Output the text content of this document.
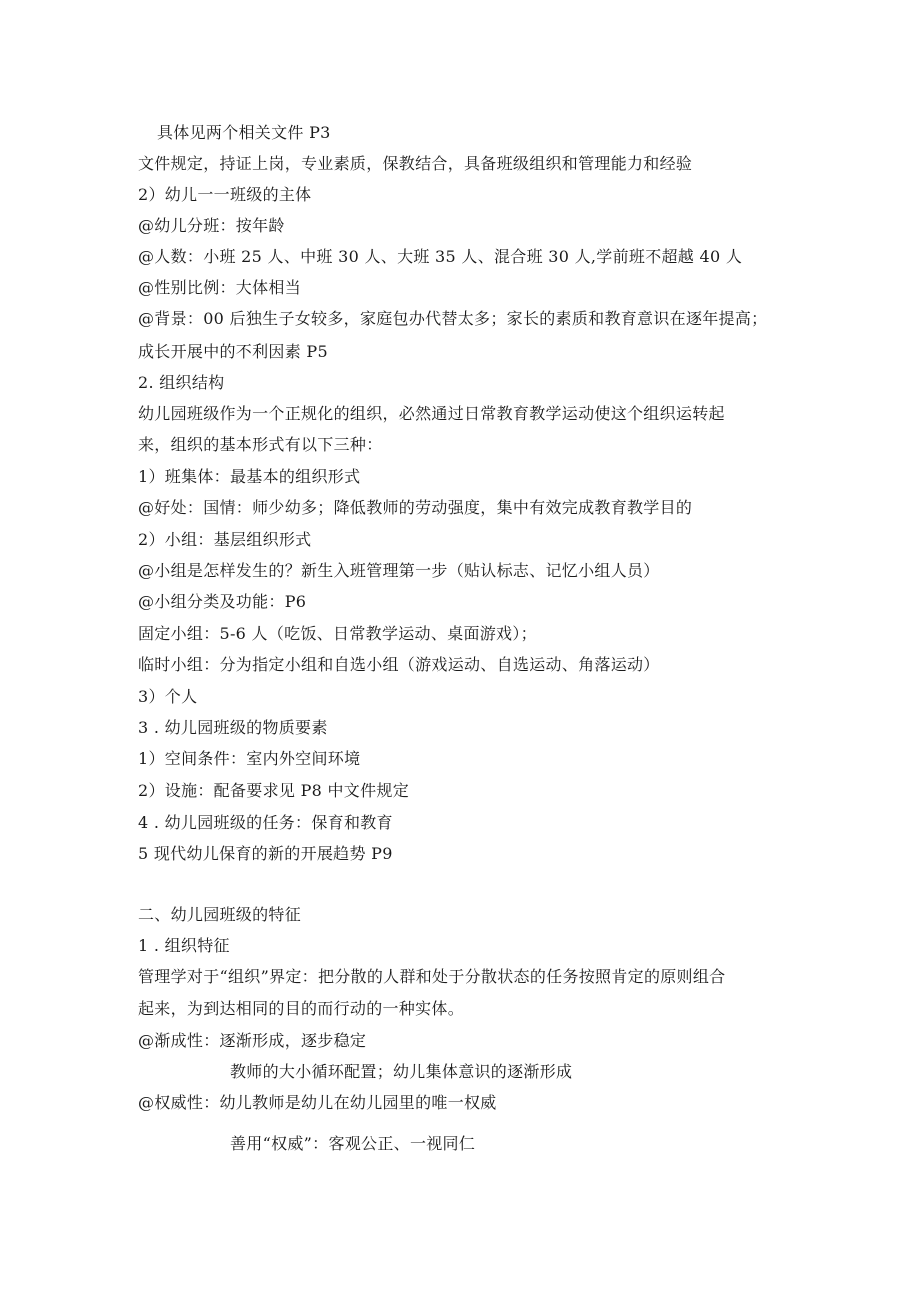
具体见两个相关文件 P3
文件规定，持证上岗，专业素质，保教结合，具备班级组织和管理能力和经验
2）幼儿一一班级的主体
@幼儿分班：按年龄
@人数：小班 25 人、中班 30 人、大班 35 人、混合班 30 人,学前班不超越 40 人
@性别比例：大体相当
@背景：00 后独生子女较多，家庭包办代替太多；家长的素质和教育意识在逐年提高；
成长开展中的不利因素 P5
2. 组织结构
幼儿园班级作为一个正规化的组织，必然通过日常教育教学运动使这个组织运转起
来，组织的基本形式有以下三种：
1）班集体：最基本的组织形式
@好处：国情：师少幼多；降低教师的劳动强度，集中有效完成教育教学目的
2）小组：基层组织形式
@小组是怎样发生的？新生入班管理第一步（贴认标志、记忆小组人员）
@小组分类及功能：P6
固定小组：5-6 人（吃饭、日常教学运动、桌面游戏）；
临时小组：分为指定小组和自选小组（游戏运动、自选运动、角落运动）
3）个人
3 . 幼儿园班级的物质要素
1）空间条件：室内外空间环境
2）设施：配备要求见 P8 中文件规定
4 . 幼儿园班级的任务：保育和教育
5 现代幼儿保育的新的开展趋势 P9
二、幼儿园班级的特征
1 . 组织特征
管理学对于“组织”界定：把分散的人群和处于分散状态的任务按照肯定的原则组合
起来，为到达相同的目的而行动的一种实体。
@渐成性：逐渐形成，逐步稳定
教师的大小循环配置；幼儿集体意识的逐渐形成
@权威性：幼儿教师是幼儿在幼儿园里的唯一权威
善用“权威”：客观公正、一视同仁
